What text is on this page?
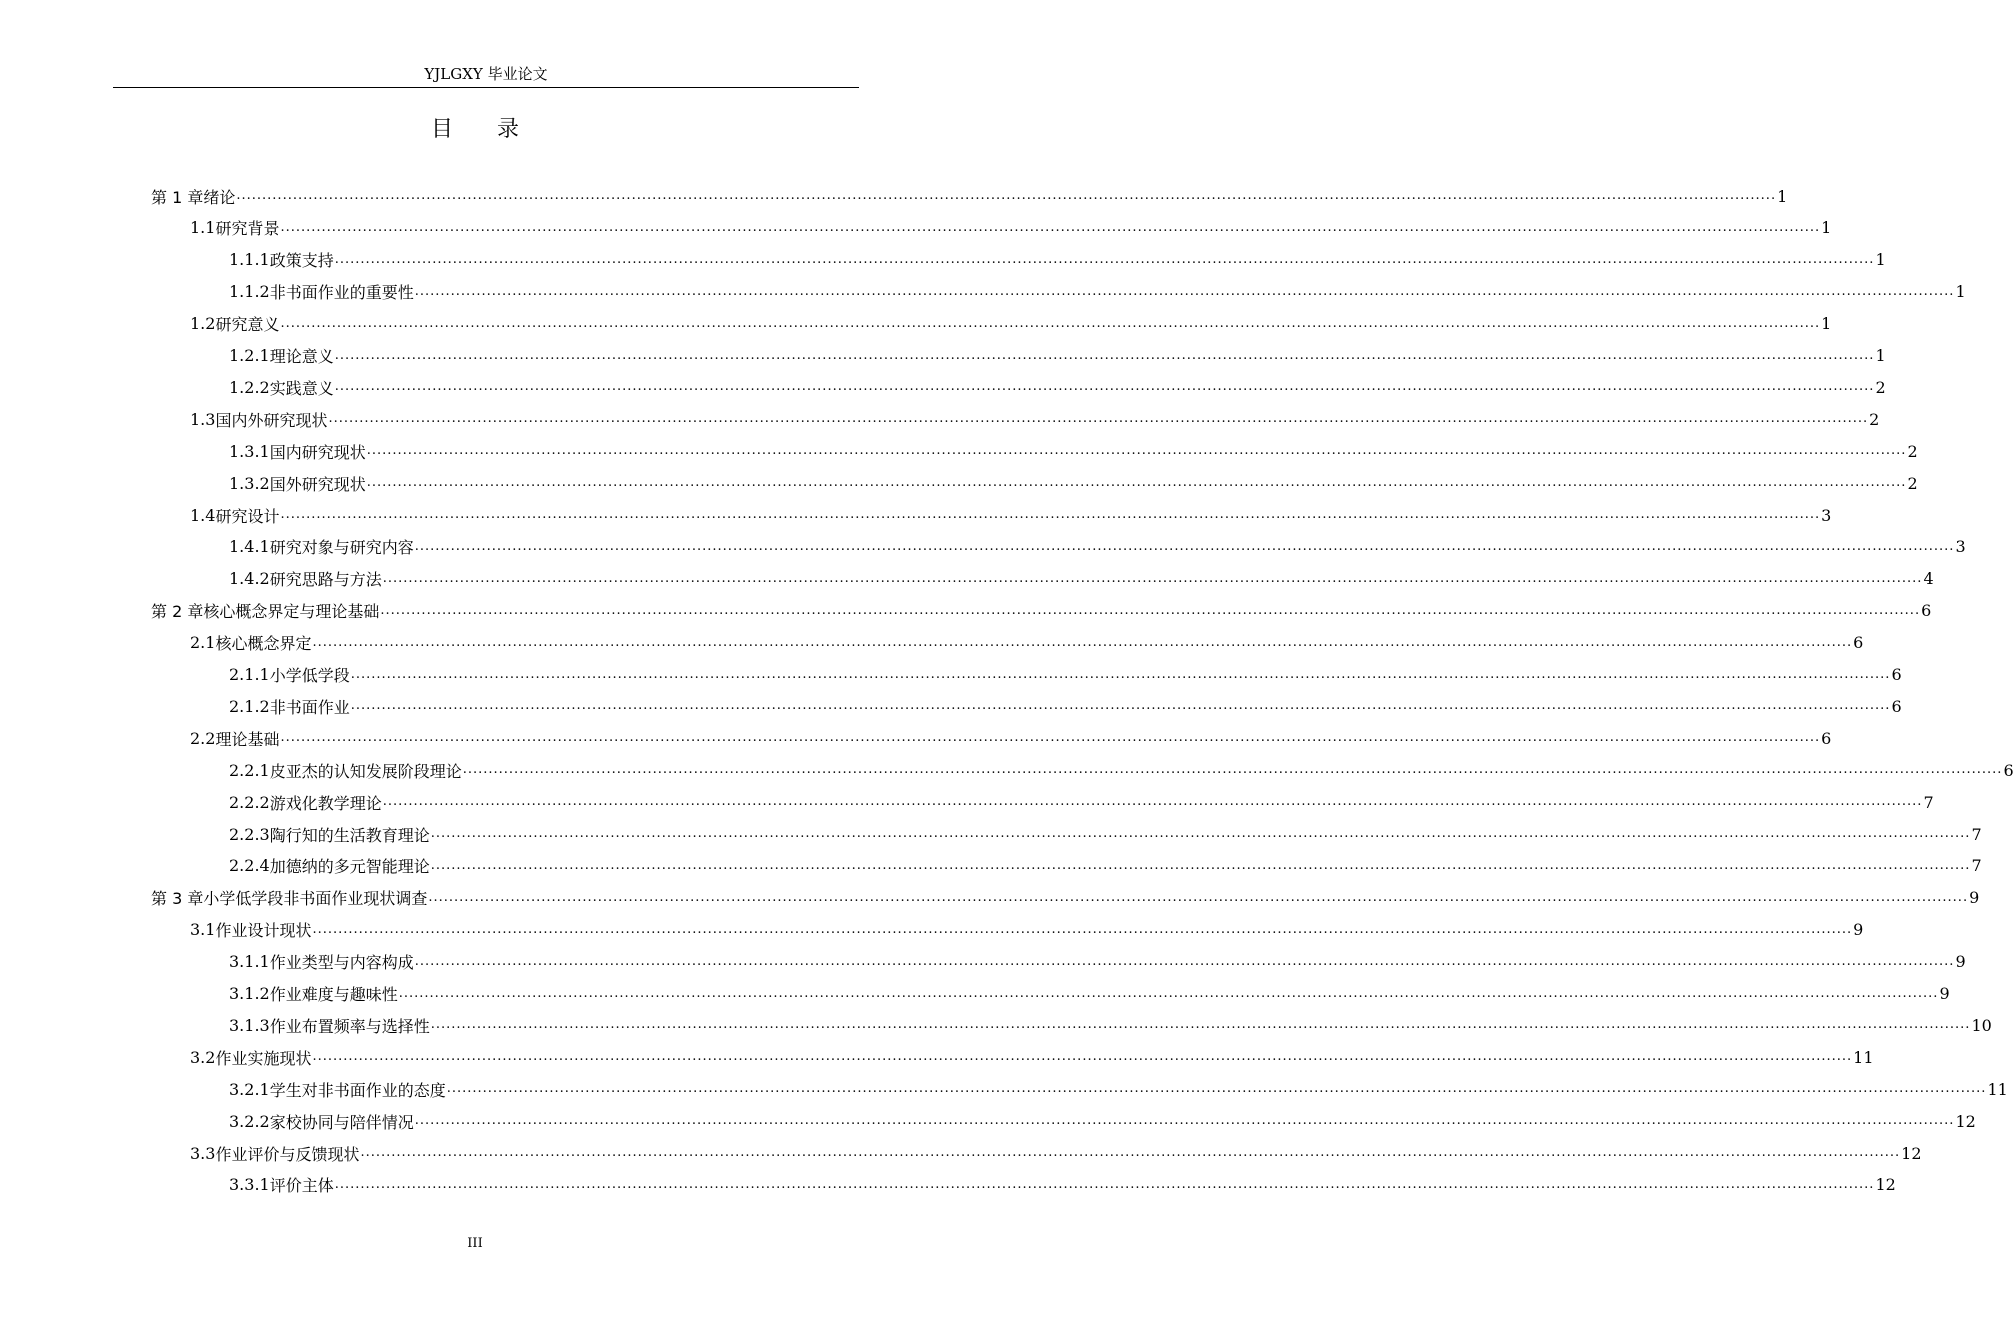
YJLGXY 毕业论文
目　　录
第 1 章 绪论 ............................................................................................................................................................................................................................................................................................................ 1
1.1 研究背景 ............................................................................................................................................................................................................................................................................................................ 1
1.1.1 政策支持 ............................................................................................................................................................................................................................................................................................................ 1
1.1.2 非书面作业的重要性 ............................................................................................................................................................................................................................................................................................................ 1
1.2 研究意义 ............................................................................................................................................................................................................................................................................................................ 1
1.2.1 理论意义 ............................................................................................................................................................................................................................................................................................................ 1
1.2.2 实践意义 ............................................................................................................................................................................................................................................................................................................ 2
1.3 国内外研究现状 ............................................................................................................................................................................................................................................................................................................ 2
1.3.1 国内研究现状 ............................................................................................................................................................................................................................................................................................................ 2
1.3.2 国外研究现状 ............................................................................................................................................................................................................................................................................................................ 2
1.4 研究设计 ............................................................................................................................................................................................................................................................................................................ 3
1.4.1 研究对象与研究内容 ............................................................................................................................................................................................................................................................................................................ 3
1.4.2 研究思路与方法 ............................................................................................................................................................................................................................................................................................................ 4
第 2 章 核心概念界定与理论基础 ............................................................................................................................................................................................................................................................................................................ 6
2.1 核心概念界定 ............................................................................................................................................................................................................................................................................................................ 6
2.1.1 小学低学段 ............................................................................................................................................................................................................................................................................................................ 6
2.1.2 非书面作业 ............................................................................................................................................................................................................................................................................................................ 6
2.2 理论基础 ............................................................................................................................................................................................................................................................................................................ 6
2.2.1 皮亚杰的认知发展阶段理论 ............................................................................................................................................................................................................................................................................................................ 6
2.2.2 游戏化教学理论 ............................................................................................................................................................................................................................................................................................................ 7
2.2.3 陶行知的生活教育理论 ............................................................................................................................................................................................................................................................................................................ 7
2.2.4 加德纳的多元智能理论 ............................................................................................................................................................................................................................................................................................................ 7
第 3 章 小学低学段非书面作业现状调查 ............................................................................................................................................................................................................................................................................................................ 9
3.1 作业设计现状 ............................................................................................................................................................................................................................................................................................................ 9
3.1.1 作业类型与内容构成 ............................................................................................................................................................................................................................................................................................................ 9
3.1.2 作业难度与趣味性 ............................................................................................................................................................................................................................................................................................................ 9
3.1.3 作业布置频率与选择性 ............................................................................................................................................................................................................................................................................................................ 10
3.2 作业实施现状 ............................................................................................................................................................................................................................................................................................................ 11
3.2.1 学生对非书面作业的态度 ............................................................................................................................................................................................................................................................................................................ 11
3.2.2 家校协同与陪伴情况 ............................................................................................................................................................................................................................................................................................................ 12
3.3 作业评价与反馈现状 ............................................................................................................................................................................................................................................................................................................ 12
3.3.1 评价主体 ............................................................................................................................................................................................................................................................................................................ 12
III
